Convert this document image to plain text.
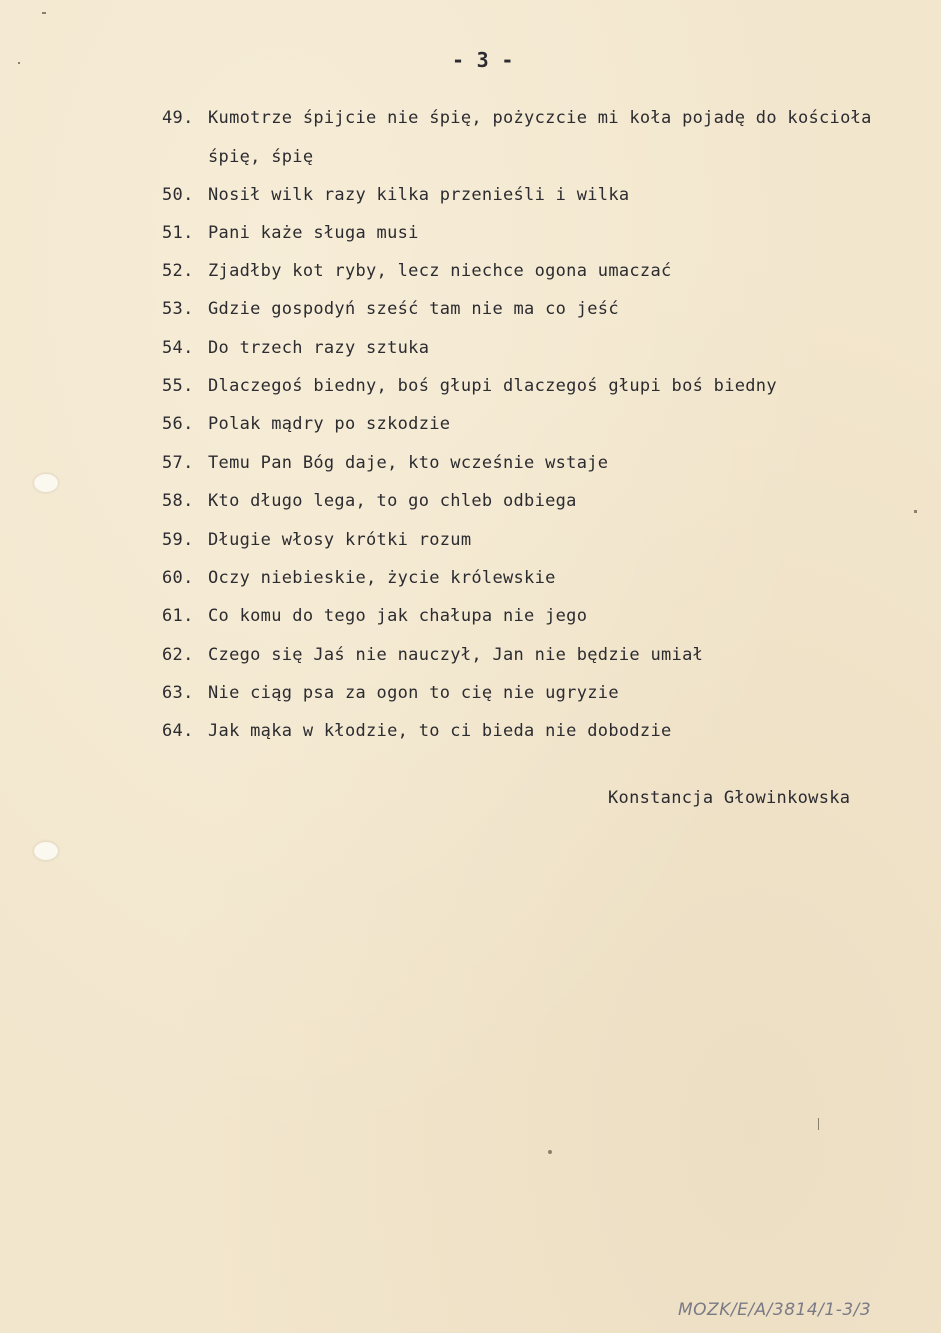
- 3 -
49. Kumotrze śpijcie nie śpię, pożyczcie mi koła pojadę do kościoła
śpię, śpię
50. Nosił wilk razy kilka przenieśli i wilka
51. Pani każe sługa musi
52. Zjadłby kot ryby, lecz niechce ogona umaczać
53. Gdzie gospodyń sześć tam nie ma co jeść
54. Do trzech razy sztuka
55. Dlaczegoś biedny, boś głupi dlaczegoś głupi boś biedny
56. Polak mądry po szkodzie
57. Temu Pan Bóg daje, kto wcześnie wstaje
58. Kto długo lega, to go chleb odbiega
59. Długie włosy krótki rozum
60. Oczy niebieskie, życie królewskie
61. Co komu do tego jak chałupa nie jego
62. Czego się Jaś nie nauczył, Jan nie będzie umiał
63. Nie ciąg psa za ogon to cię nie ugryzie
64. Jak mąka w kłodzie, to ci bieda nie dobodzie
Konstancja Głowinkowska
MOZK/E/A/3814/1-3/3
